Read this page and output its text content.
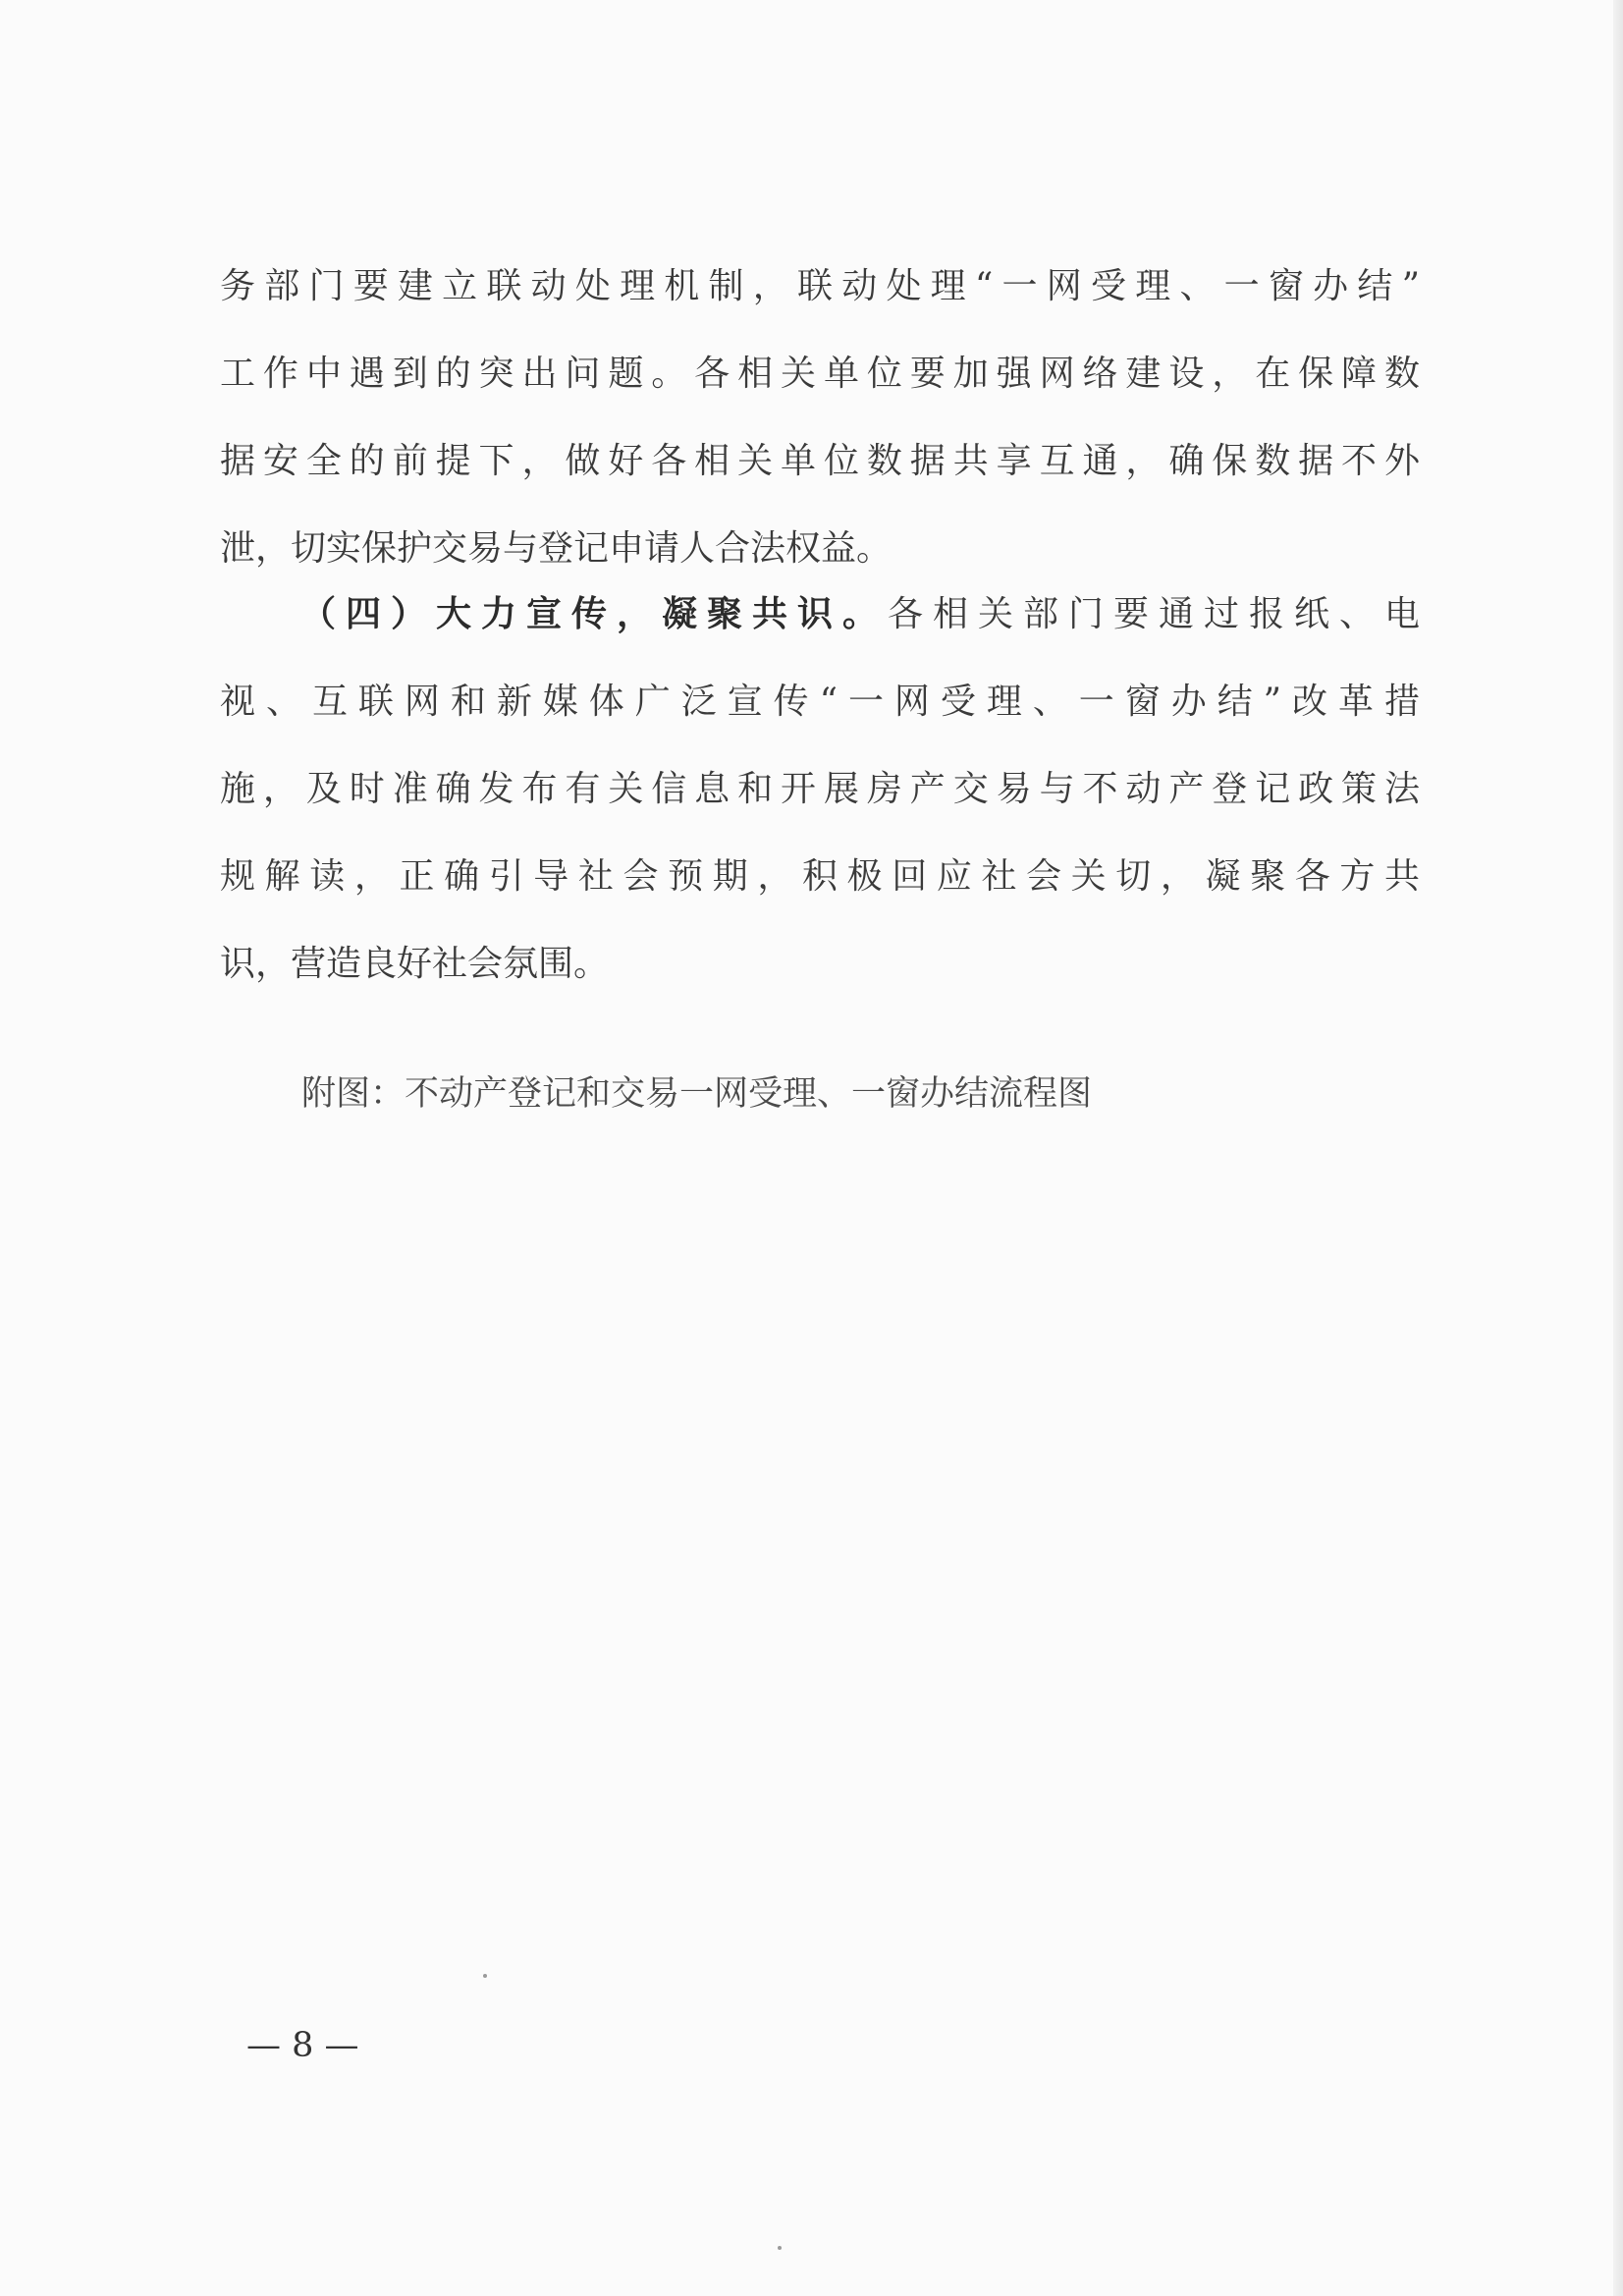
务部门要建立联动处理机制，联动处理“一网受理、一窗办结”
工作中遇到的突出问题。各相关单位要加强网络建设，在保障数
据安全的前提下，做好各相关单位数据共享互通，确保数据不外
泄，切实保护交易与登记申请人合法权益。
（四）大力宣传，凝聚共识。各相关部门要通过报纸、电
视、互联网和新媒体广泛宣传“一网受理、一窗办结”改革措
施，及时准确发布有关信息和开展房产交易与不动产登记政策法
规解读，正确引导社会预期，积极回应社会关切，凝聚各方共
识，营造良好社会氛围。
附图：不动产登记和交易一网受理、一窗办结流程图
— 8 —
